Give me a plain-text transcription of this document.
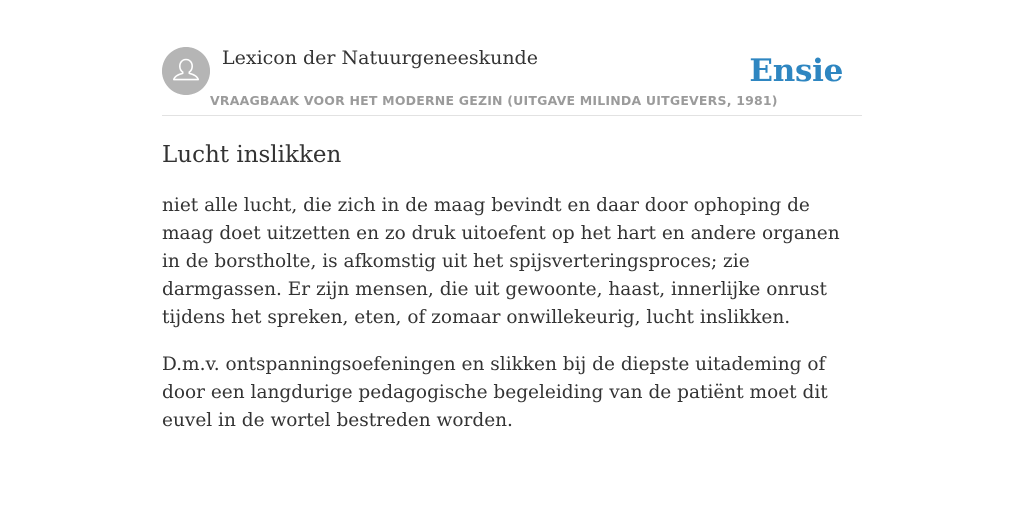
Lexicon der Natuurgeneeskunde
VRAAGBAAK VOOR HET MODERNE GEZIN (UITGAVE MILINDA UITGEVERS, 1981)
Ensie
Lucht inslikken

niet alle lucht, die zich in de maag bevindt en daar door ophoping de maag doet uitzetten en zo druk uitoefent op het hart en andere organen in de borstholte, is afkomstig uit het spijsverteringsproces; zie darmgassen. Er zijn mensen, die uit gewoonte, haast, innerlijke onrust tijdens het spreken, eten, of zomaar onwillekeurig, lucht inslikken.

D.m.v. ontspanningsoefeningen en slikken bij de diepste uitademing of door een langdurige pedagogische begeleiding van de patiënt moet dit euvel in de wortel bestreden worden.
